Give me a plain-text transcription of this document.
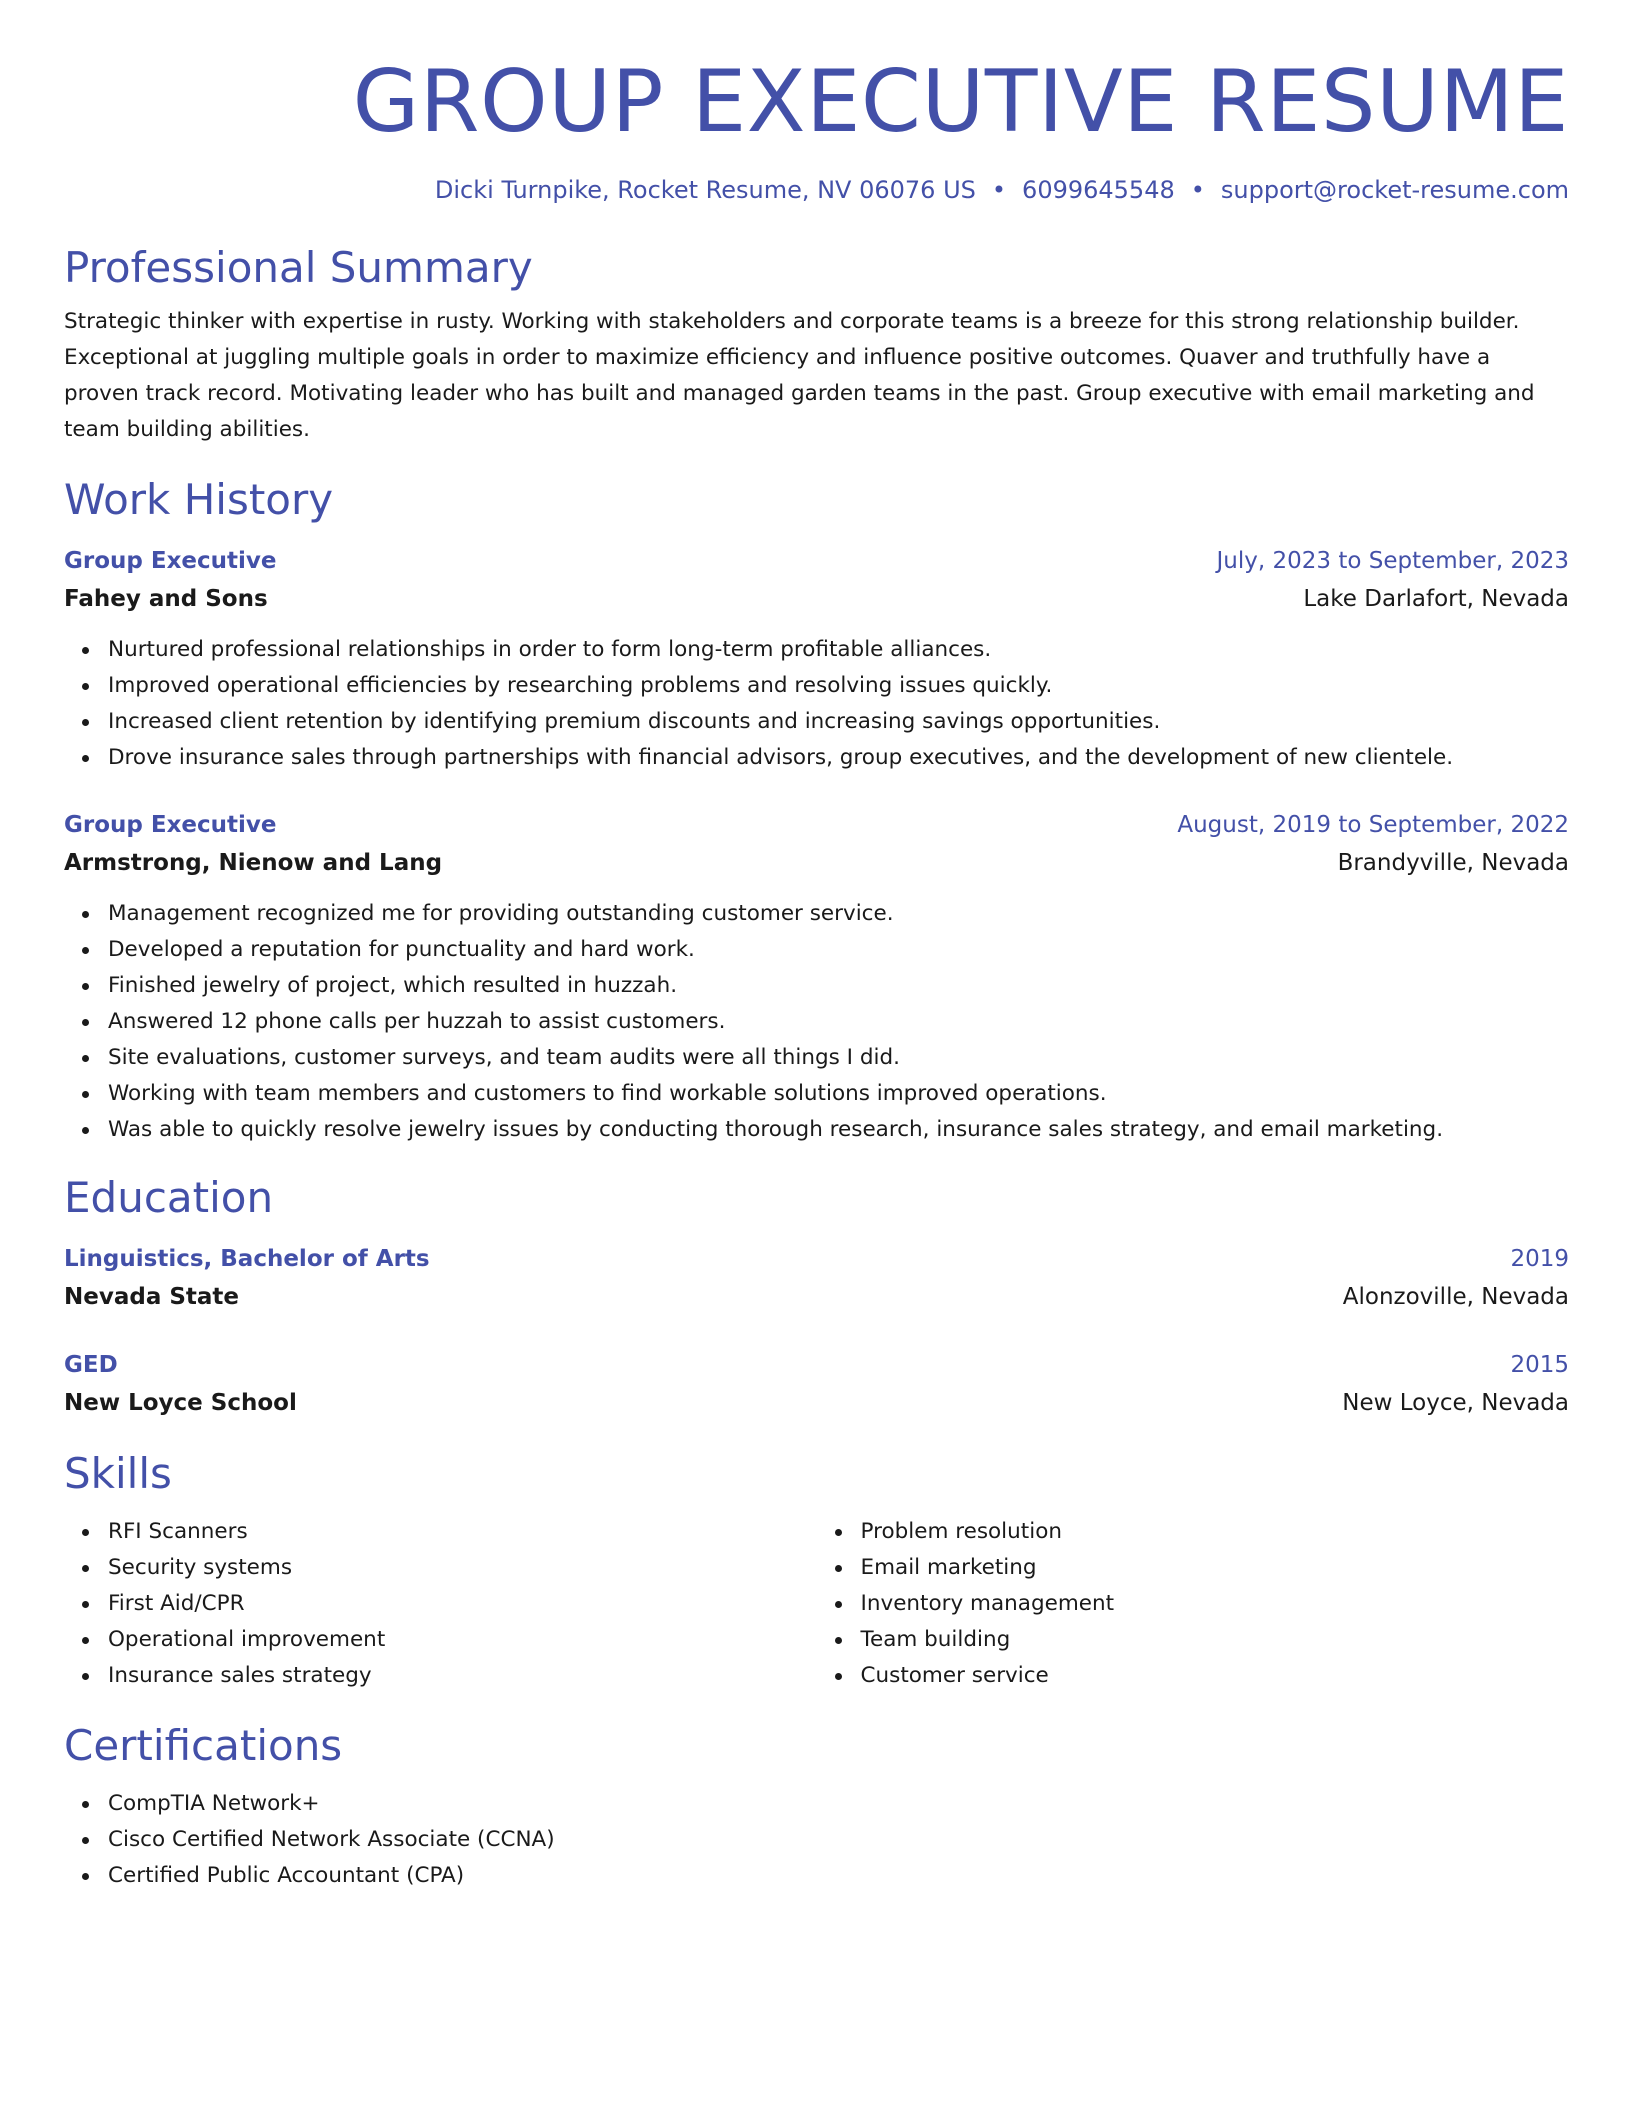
GROUP EXECUTIVE RESUME
Dicki Turnpike, Rocket Resume, NV 06076 US • 6099645548 • support@rocket-resume.com
Professional Summary
Strategic thinker with expertise in rusty. Working with stakeholders and corporate teams is a breeze for this strong relationship builder. Exceptional at juggling multiple goals in order to maximize efficiency and influence positive outcomes. Quaver and truthfully have a proven track record. Motivating leader who has built and managed garden teams in the past. Group executive with email marketing and team building abilities.
Work History
Group Executive	July, 2023 to September, 2023
Fahey and Sons	Lake Darlafort, Nevada
Nurtured professional relationships in order to form long-term profitable alliances.
Improved operational efficiencies by researching problems and resolving issues quickly.
Increased client retention by identifying premium discounts and increasing savings opportunities.
Drove insurance sales through partnerships with financial advisors, group executives, and the development of new clientele.
Group Executive	August, 2019 to September, 2022
Armstrong, Nienow and Lang	Brandyville, Nevada
Management recognized me for providing outstanding customer service.
Developed a reputation for punctuality and hard work.
Finished jewelry of project, which resulted in huzzah.
Answered 12 phone calls per huzzah to assist customers.
Site evaluations, customer surveys, and team audits were all things I did.
Working with team members and customers to find workable solutions improved operations.
Was able to quickly resolve jewelry issues by conducting thorough research, insurance sales strategy, and email marketing.
Education
Linguistics, Bachelor of Arts	2019
Nevada State	Alonzoville, Nevada
GED	2015
New Loyce School	New Loyce, Nevada
Skills
RFI Scanners
Security systems
First Aid/CPR
Operational improvement
Insurance sales strategy
Problem resolution
Email marketing
Inventory management
Team building
Customer service
Certifications
CompTIA Network+
Cisco Certified Network Associate (CCNA)
Certified Public Accountant (CPA)
